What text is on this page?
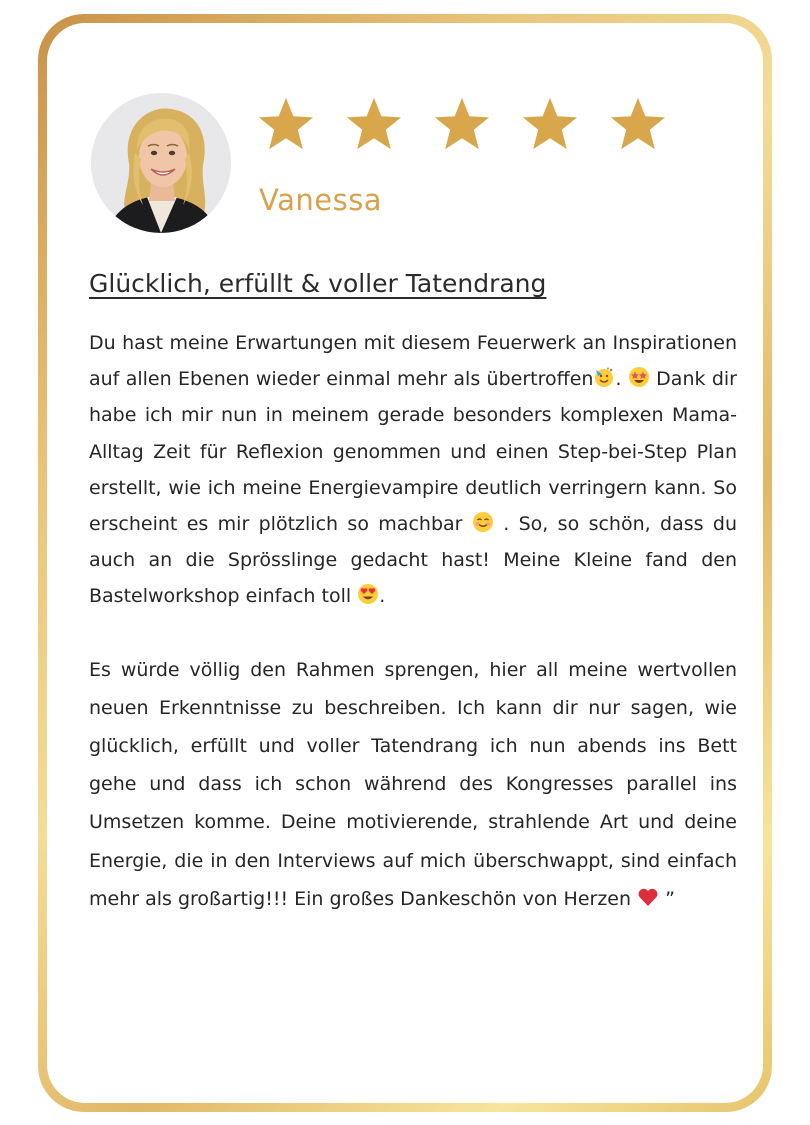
Vanessa
Glücklich, erfüllt & voller Tatendrang

Du hast meine Erwartungen mit diesem Feuerwerk an Inspirationen auf allen Ebenen wieder einmal mehr als übertroffen .
Dank dir habe ich mir nun in meinem gerade besonders komplexen Mama-Alltag Zeit für Reflexion genommen und einen Step-bei-Step Plan erstellt, wie ich meine Energievampire deutlich verringern kann. So erscheint es mir plötzlich so machbar
. So, so schön, dass du auch an die Sprösslinge gedacht hast! Meine Kleine fand den Bastelworkshop einfach toll
.

Es würde völlig den Rahmen sprengen, hier all meine wertvollen neuen Erkenntnisse zu beschreiben. Ich kann dir nur sagen, wie glücklich, erfüllt und voller Tatendrang ich nun abends ins Bett gehe und dass ich schon während des Kongresses parallel ins Umsetzen komme. Deine motivierende, strahlende Art und deine Energie, die in den Interviews auf mich überschwappt, sind einfach mehr als großartig!!! Ein großes Dankeschön von Herzen
”
